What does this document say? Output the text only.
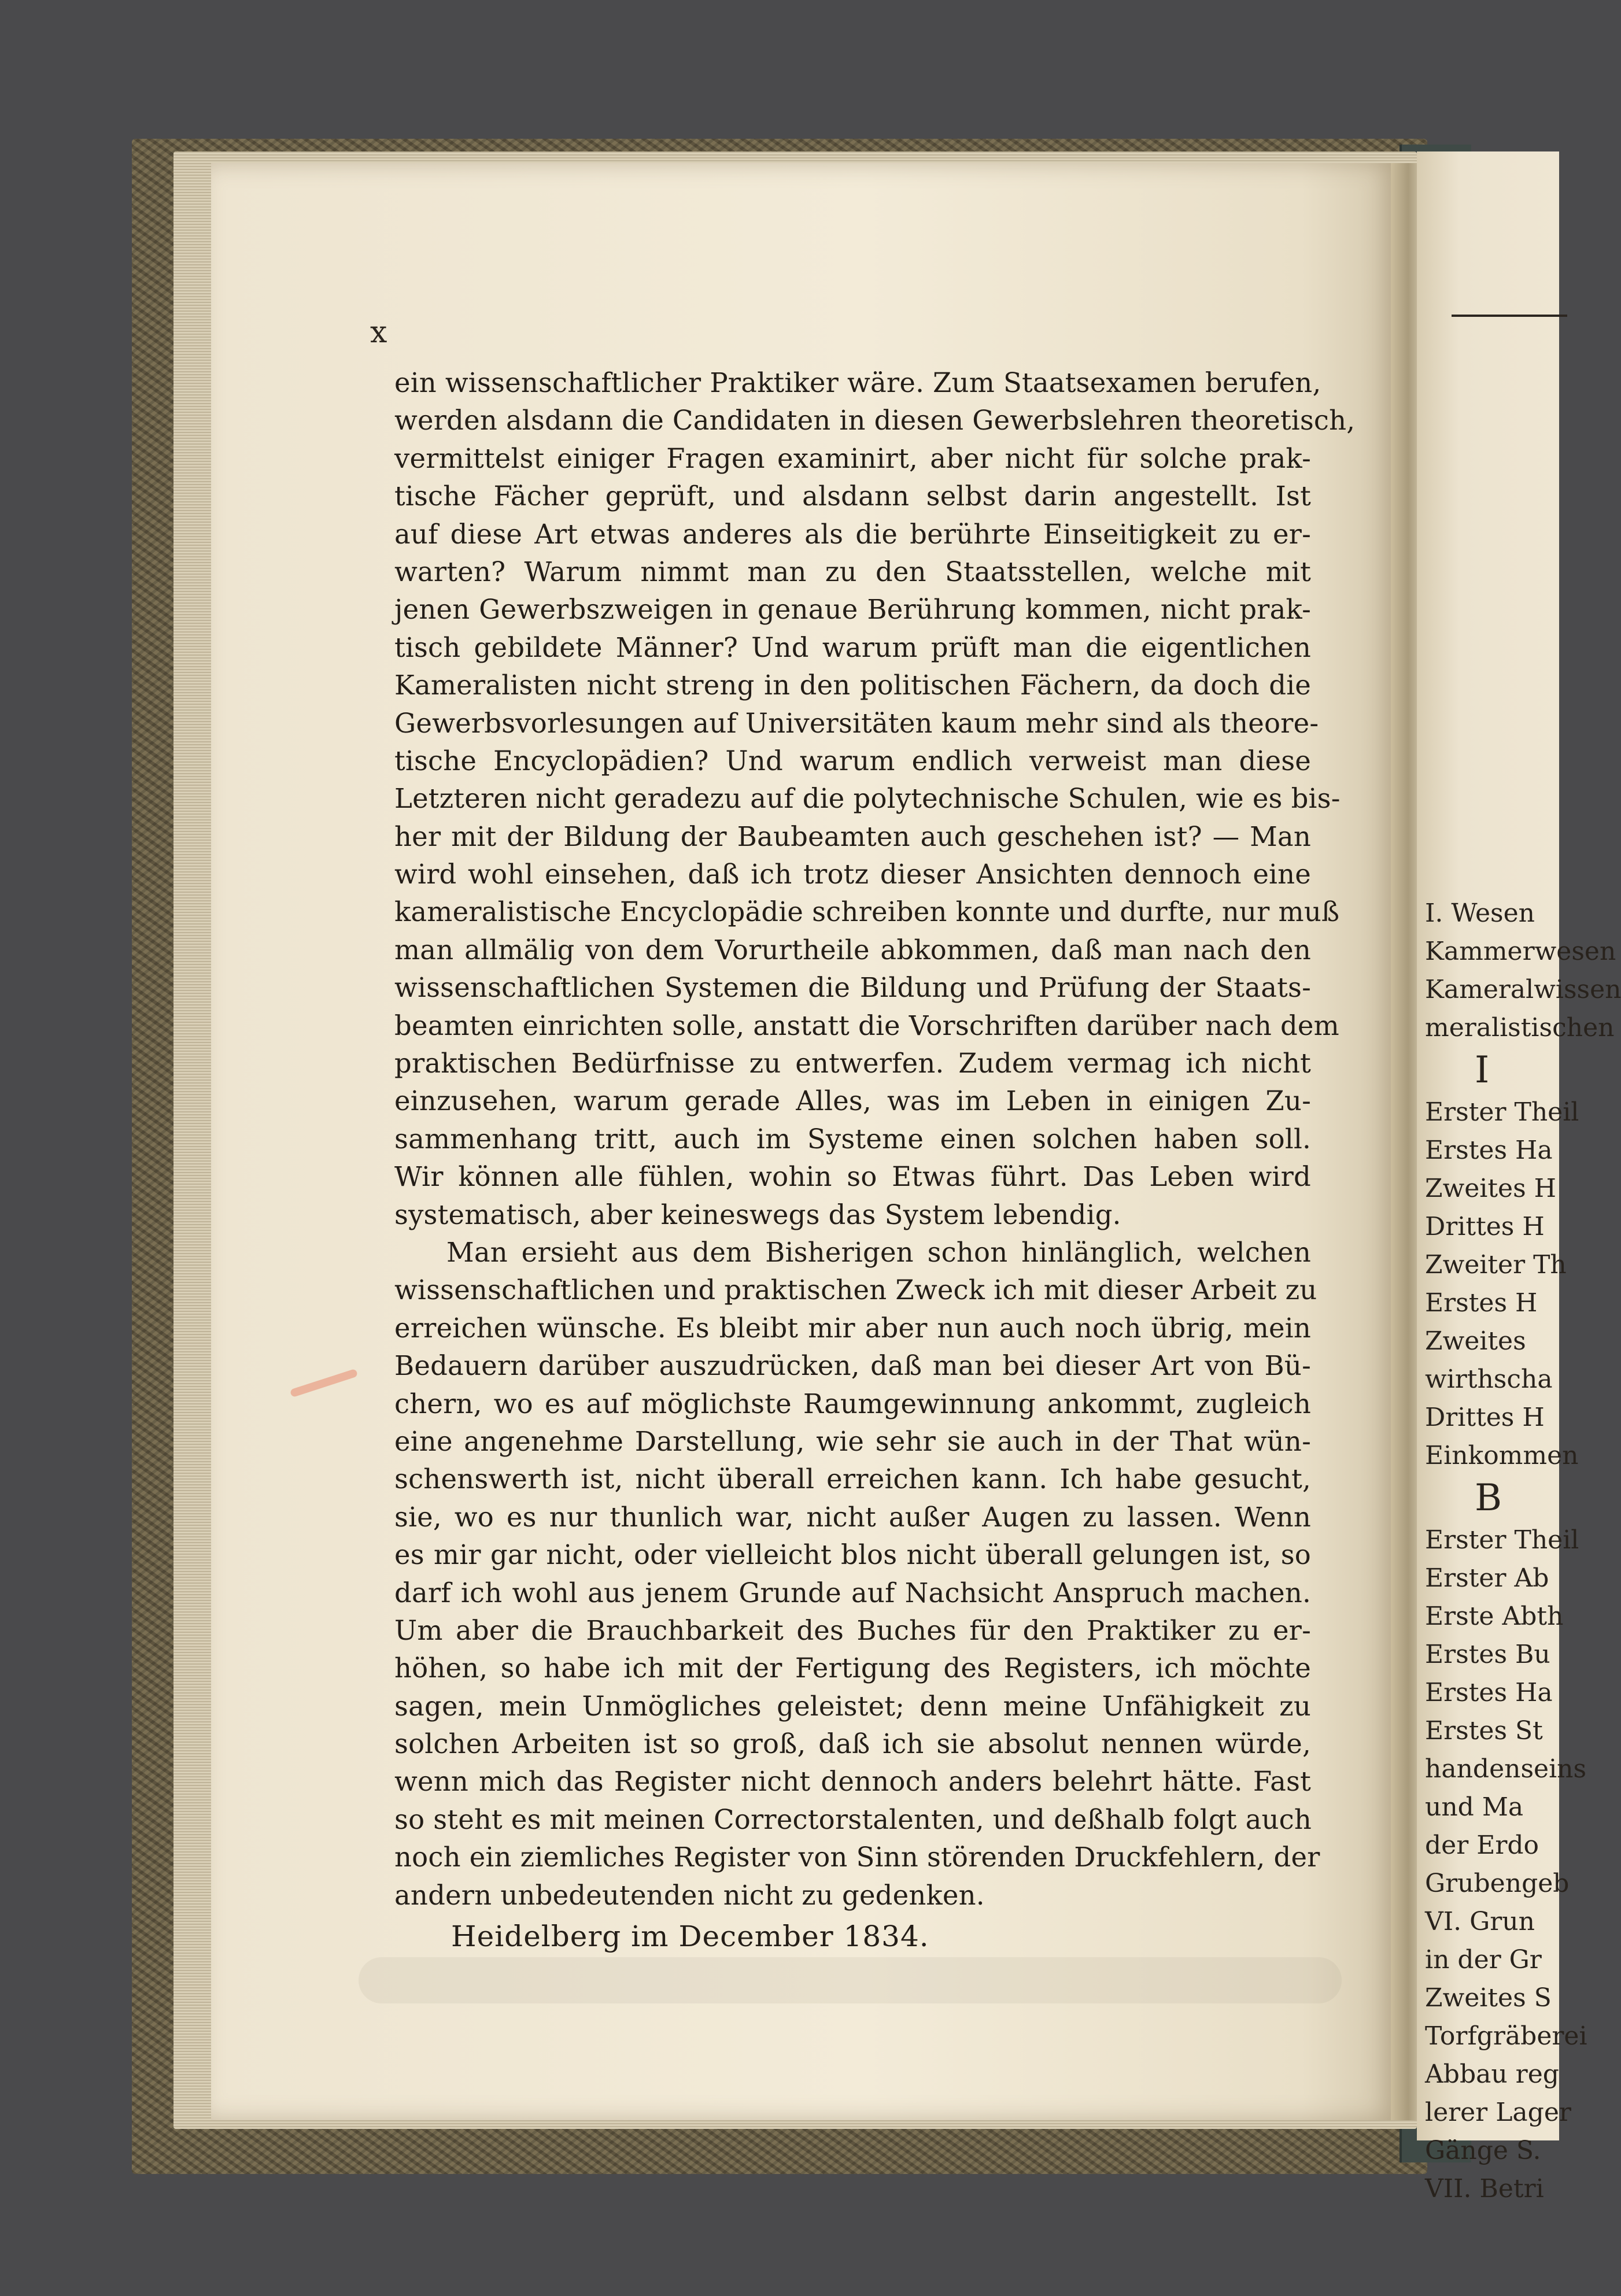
x
ein wissenschaftlicher Praktiker wäre. Zum Staatsexamen berufen,
werden alsdann die Candidaten in diesen Gewerbslehren theoretisch,
vermittelst einiger Fragen examinirt, aber nicht für solche prak-
tische Fächer geprüft, und alsdann selbst darin angestellt. Ist
auf diese Art etwas anderes als die berührte Einseitigkeit zu er-
warten? Warum nimmt man zu den Staatsstellen, welche mit
jenen Gewerbszweigen in genaue Berührung kommen, nicht prak-
tisch gebildete Männer? Und warum prüft man die eigentlichen
Kameralisten nicht streng in den politischen Fächern, da doch die
Gewerbsvorlesungen auf Universitäten kaum mehr sind als theore-
tische Encyclopädien? Und warum endlich verweist man diese
Letzteren nicht geradezu auf die polytechnische Schulen, wie es bis-
her mit der Bildung der Baubeamten auch geschehen ist? — Man
wird wohl einsehen, daß ich trotz dieser Ansichten dennoch eine
kameralistische Encyclopädie schreiben konnte und durfte, nur muß
man allmälig von dem Vorurtheile abkommen, daß man nach den
wissenschaftlichen Systemen die Bildung und Prüfung der Staats-
beamten einrichten solle, anstatt die Vorschriften darüber nach dem
praktischen Bedürfnisse zu entwerfen. Zudem vermag ich nicht
einzusehen, warum gerade Alles, was im Leben in einigen Zu-
sammenhang tritt, auch im Systeme einen solchen haben soll.
Wir können alle fühlen, wohin so Etwas führt. Das Leben wird
systematisch, aber keineswegs das System lebendig.
Man ersieht aus dem Bisherigen schon hinlänglich, welchen
wissenschaftlichen und praktischen Zweck ich mit dieser Arbeit zu
erreichen wünsche. Es bleibt mir aber nun auch noch übrig, mein
Bedauern darüber auszudrücken, daß man bei dieser Art von Bü-
chern, wo es auf möglichste Raumgewinnung ankommt, zugleich
eine angenehme Darstellung, wie sehr sie auch in der That wün-
schenswerth ist, nicht überall erreichen kann. Ich habe gesucht,
sie, wo es nur thunlich war, nicht außer Augen zu lassen. Wenn
es mir gar nicht, oder vielleicht blos nicht überall gelungen ist, so
darf ich wohl aus jenem Grunde auf Nachsicht Anspruch machen.
Um aber die Brauchbarkeit des Buches für den Praktiker zu er-
höhen, so habe ich mit der Fertigung des Registers, ich möchte
sagen, mein Unmögliches geleistet; denn meine Unfähigkeit zu
solchen Arbeiten ist so groß, daß ich sie absolut nennen würde,
wenn mich das Register nicht dennoch anders belehrt hätte. Fast
so steht es mit meinen Correctorstalenten, und deßhalb folgt auch
noch ein ziemliches Register von Sinn störenden Druckfehlern, der
andern unbedeutenden nicht zu gedenken.
Heidelberg im December 1834.
I. Wesen
Kammerwesen
Kameralwissen
meralistischen
I
Erster Theil
Erstes Ha
Zweites H
Drittes H
Zweiter Th
Erstes H
Zweites
wirthscha
Drittes H
Einkommen
B
Erster Theil
Erster Ab
Erste Abth
Erstes Bu
Erstes Ha
Erstes St
handenseins
und Ma
der Erdo
Grubengeb
VI. Grun
in der Gr
Zweites S
Torfgräberei
Abbau reg
lerer Lager
Gänge S.
VII. Betri
